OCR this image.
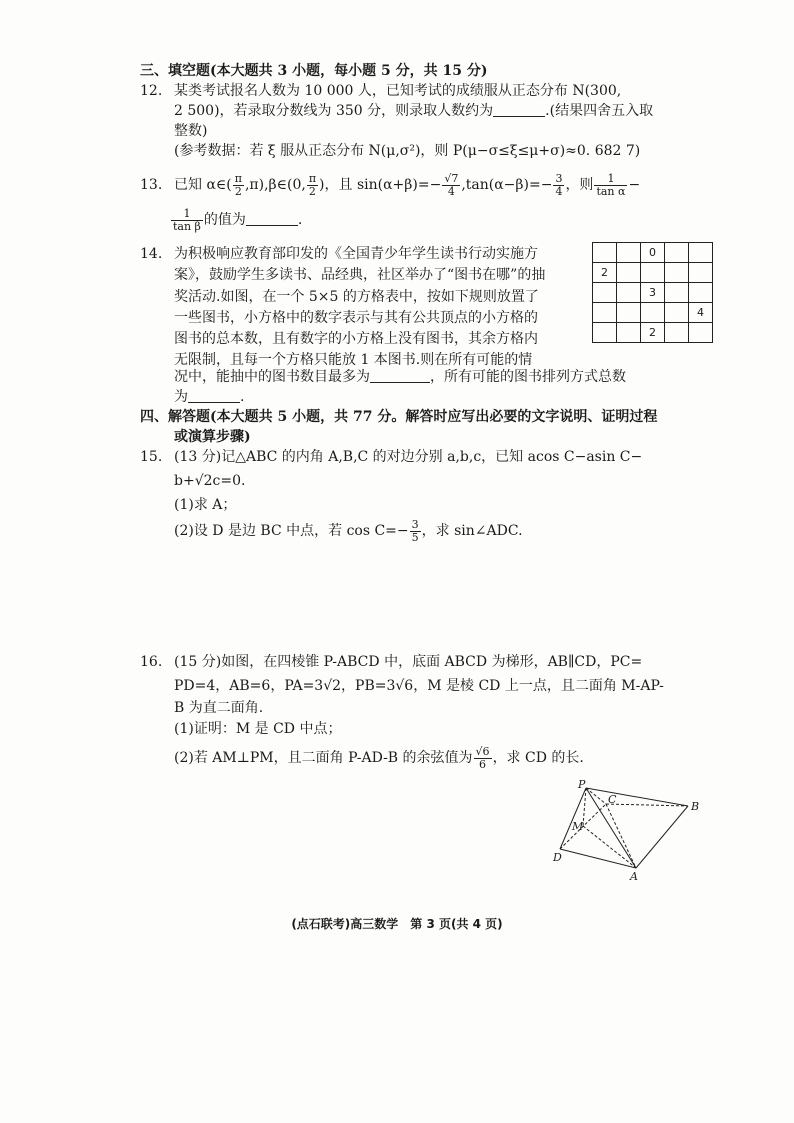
三、填空题(本大题共 3 小题，每小题 5 分，共 15 分)
12. 某类考试报名人数为 10 000 人，已知考试的成绩服从正态分布 N(300,
2 500)，若录取分数线为 350 分，则录取人数约为	.(结果四舍五入取
整数)
(参考数据：若 ξ 服从正态分布 N(μ,σ²)，则 P(μ−σ≤ξ≤μ+σ)≈0. 682 7)
13. 已知 α∈( $\frac{\pi}{2}$ ,π),β∈(0, $\frac{\pi}{2}$ )，且 $\sin(\alpha+\beta)=- \frac{√7}{4} ,\tan(\alpha-\beta)=- \frac{3}{4}$ ，则 $\frac{1}{\text{tan α}}$ −
$\frac{1}{\text{tan β}}$ 的值为	.
14. 为积极响应教育部印发的《全国青少年学生读书行动实施方
案》，鼓励学生多读书、品经典，社区举办了“图书在哪”的抽
奖活动.如图，在一个 5×5 的方格表中，按如下规则放置了
一些图书，小方格中的数字表示与其有公共顶点的小方格的
图书的总本数，且有数字的小方格上没有图书，其余方格内
无限制，且每一个方格只能放 1 本图书.则在所有可能的情
况中，能抽中的图书数目最多为	，所有可能的图书排列方式总数
为	.
		0		
2				
		3		
				4
		2		
四、解答题(本大题共 5 小题，共 77 分。解答时应写出必要的文字说明、证明过程
或演算步骤)
15. (13 分)记△ABC 的内角 A,B,C 的对边分别 a,b,c，已知 acos C−asin C−
b+√2c=0.
(1)求 A；
(2)设 D 是边 BC 中点，若 $\cos C=- \frac{3}{5}$ ，求 sin∠ADC.
16. (15 分)如图，在四棱锥 P-ABCD 中，底面 ABCD 为梯形，AB∥CD，PC=
PD=4，AB=6，PA=3√2，PB=3√6，M 是棱 CD 上一点，且二面角 M-AP-
B 为直二面角.
(1)证明：M 是 CD 中点；
(2)若 AM⊥PM，且二面角 P-AD-B 的余弦值为 $\frac{√6}{6}$ ，求 CD 的长.
P
C
B
M
D
A
(点石联考)高三数学　第 3 页(共 4 页)
